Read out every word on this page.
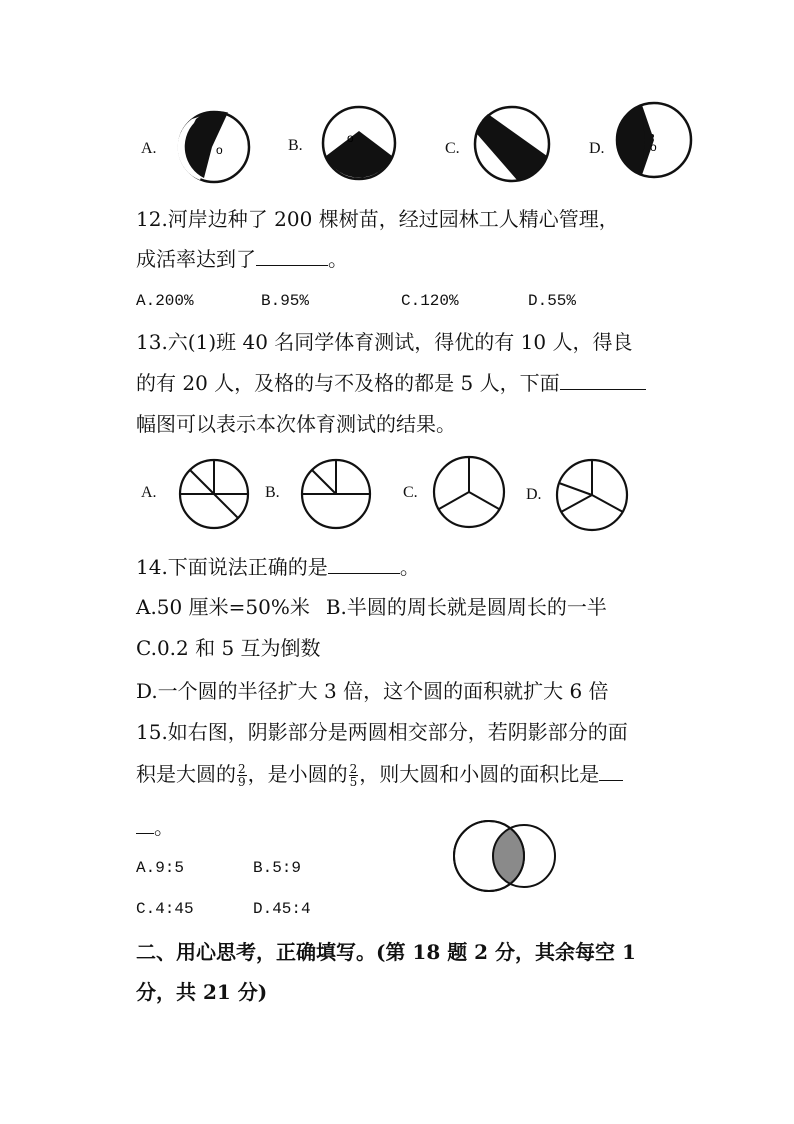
A.	o	B.	o
C.	D.	o
12.河岸边种了 200 棵树苗，经过园林工人精心管理，
成活率达到了	。
A.200%	B.95%	C.120%	D.55%
13.六(1)班 40 名同学体育测试，得优的有 10 人，得良
的有 20 人，及格的与不及格的都是 5 人，下面
幅图可以表示本次体育测试的结果。
A.	B.	C.	D.
14.下面说法正确的是	。
A.50 厘米=50%米 B.半圆的周长就是圆周长的一半
C.0.2 和 5 互为倒数
D.一个圆的半径扩大 3 倍，这个圆的面积就扩大 6 倍
15.如右图，阴影部分是两圆相交部分，若阴影部分的面
积是大圆的 $\frac{2}{9}$ ，是小圆的 $\frac{2}{5}$ ，则大圆和小圆的面积比是
。
A.9:5	B.5:9
C.4:45	D.45:4
二、用心思考，正确填写。(第 18 题 2 分，其余每空 1
分，共 21 分)
